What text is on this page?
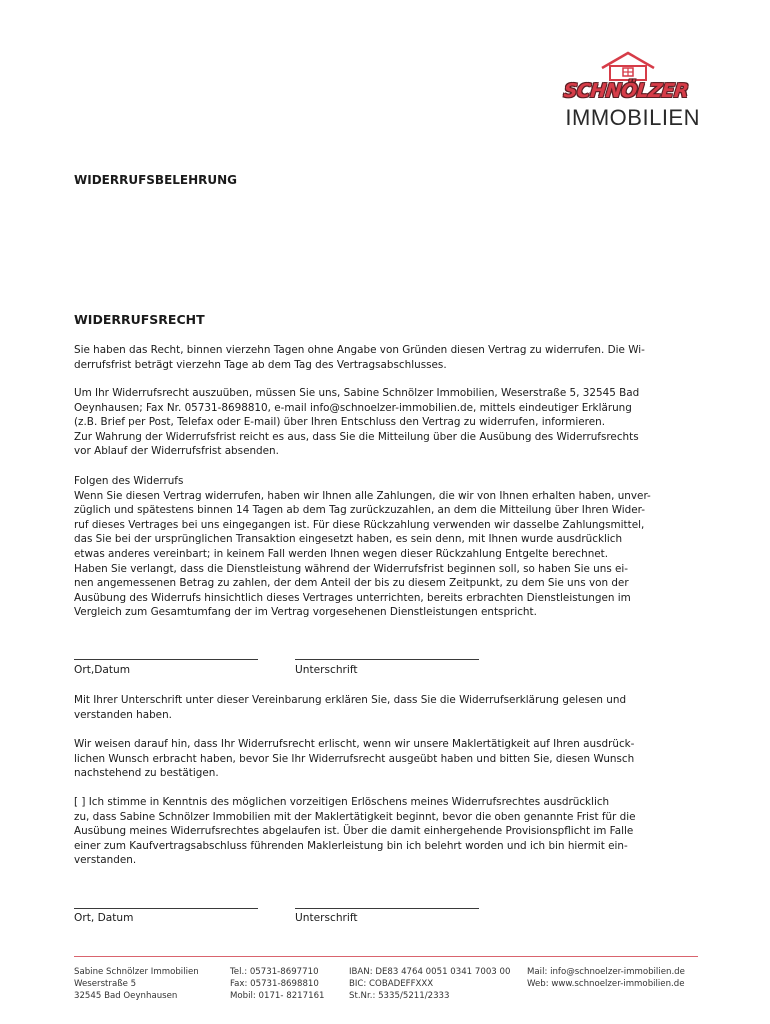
SCHNÖLZER
IMMOBILIEN
WIDERRUFSBELEHRUNG
WIDERRUFSRECHT

Sie haben das Recht, binnen vierzehn Tagen ohne Angabe von Gründen diesen Vertrag zu widerrufen. Die Wi-
derrufsfrist beträgt vierzehn Tage ab dem Tag des Vertragsabschlusses.

Um Ihr Widerrufsrecht auszuüben, müssen Sie uns, Sabine Schnölzer Immobilien, Weserstraße 5, 32545 Bad
Oeynhausen; Fax Nr. 05731-8698810, e-mail info@schnoelzer-immobilien.de, mittels eindeutiger Erklärung
(z.B. Brief per Post, Telefax oder E-mail) über Ihren Entschluss den Vertrag zu widerrufen, informieren.
Zur Wahrung der Widerrufsfrist reicht es aus, dass Sie die Mitteilung über die Ausübung des Widerrufsrechts
vor Ablauf der Widerrufsfrist absenden.

Folgen des Widerrufs
Wenn Sie diesen Vertrag widerrufen, haben wir Ihnen alle Zahlungen, die wir von Ihnen erhalten haben, unver-
züglich und spätestens binnen 14 Tagen ab dem Tag zurückzuzahlen, an dem die Mitteilung über Ihren Wider-
ruf dieses Vertrages bei uns eingegangen ist. Für diese Rückzahlung verwenden wir dasselbe Zahlungsmittel,
das Sie bei der ursprünglichen Transaktion eingesetzt haben, es sein denn, mit Ihnen wurde ausdrücklich
etwas anderes vereinbart; in keinem Fall werden Ihnen wegen dieser Rückzahlung Entgelte berechnet.
Haben Sie verlangt, dass die Dienstleistung während der Widerrufsfrist beginnen soll, so haben Sie uns ei-
nen angemessenen Betrag zu zahlen, der dem Anteil der bis zu diesem Zeitpunkt, zu dem Sie uns von der
Ausübung des Widerrufs hinsichtlich dieses Vertrages unterrichten, bereits erbrachten Dienstleistungen im
Vergleich zum Gesamtumfang der im Vertrag vorgesehenen Dienstleistungen entspricht.

Ort,Datum	Unterschrift

Mit Ihrer Unterschrift unter dieser Vereinbarung erklären Sie, dass Sie die Widerrufserklärung gelesen und
verstanden haben.

Wir weisen darauf hin, dass Ihr Widerrufsrecht erlischt, wenn wir unsere Maklertätigkeit auf Ihren ausdrück-
lichen Wunsch erbracht haben, bevor Sie Ihr Widerrufsrecht ausgeübt haben und bitten Sie, diesen Wunsch
nachstehend zu bestätigen.

[ ] Ich stimme in Kenntnis des möglichen vorzeitigen Erlöschens meines Widerrufsrechtes ausdrücklich
zu, dass Sabine Schnölzer Immobilien mit der Maklertätigkeit beginnt, bevor die oben genannte Frist für die
Ausübung meines Widerrufsrechtes abgelaufen ist. Über die damit einhergehende Provisionspflicht im Falle
einer zum Kaufvertragsabschluss führenden Maklerleistung bin ich belehrt worden und ich bin hiermit ein-
verstanden.

Ort, Datum	Unterschrift
Sabine Schnölzer Immobilien
Weserstraße 5
32545 Bad Oeynhausen
Tel.: 05731-8697710
Fax: 05731-8698810
Mobil: 0171- 8217161
IBAN: DE83 4764 0051 0341 7003 00
BIC: COBADEFFXXX
St.Nr.: 5335/5211/2333
Mail: info@schnoelzer-immobilien.de
Web: www.schnoelzer-immobilien.de
